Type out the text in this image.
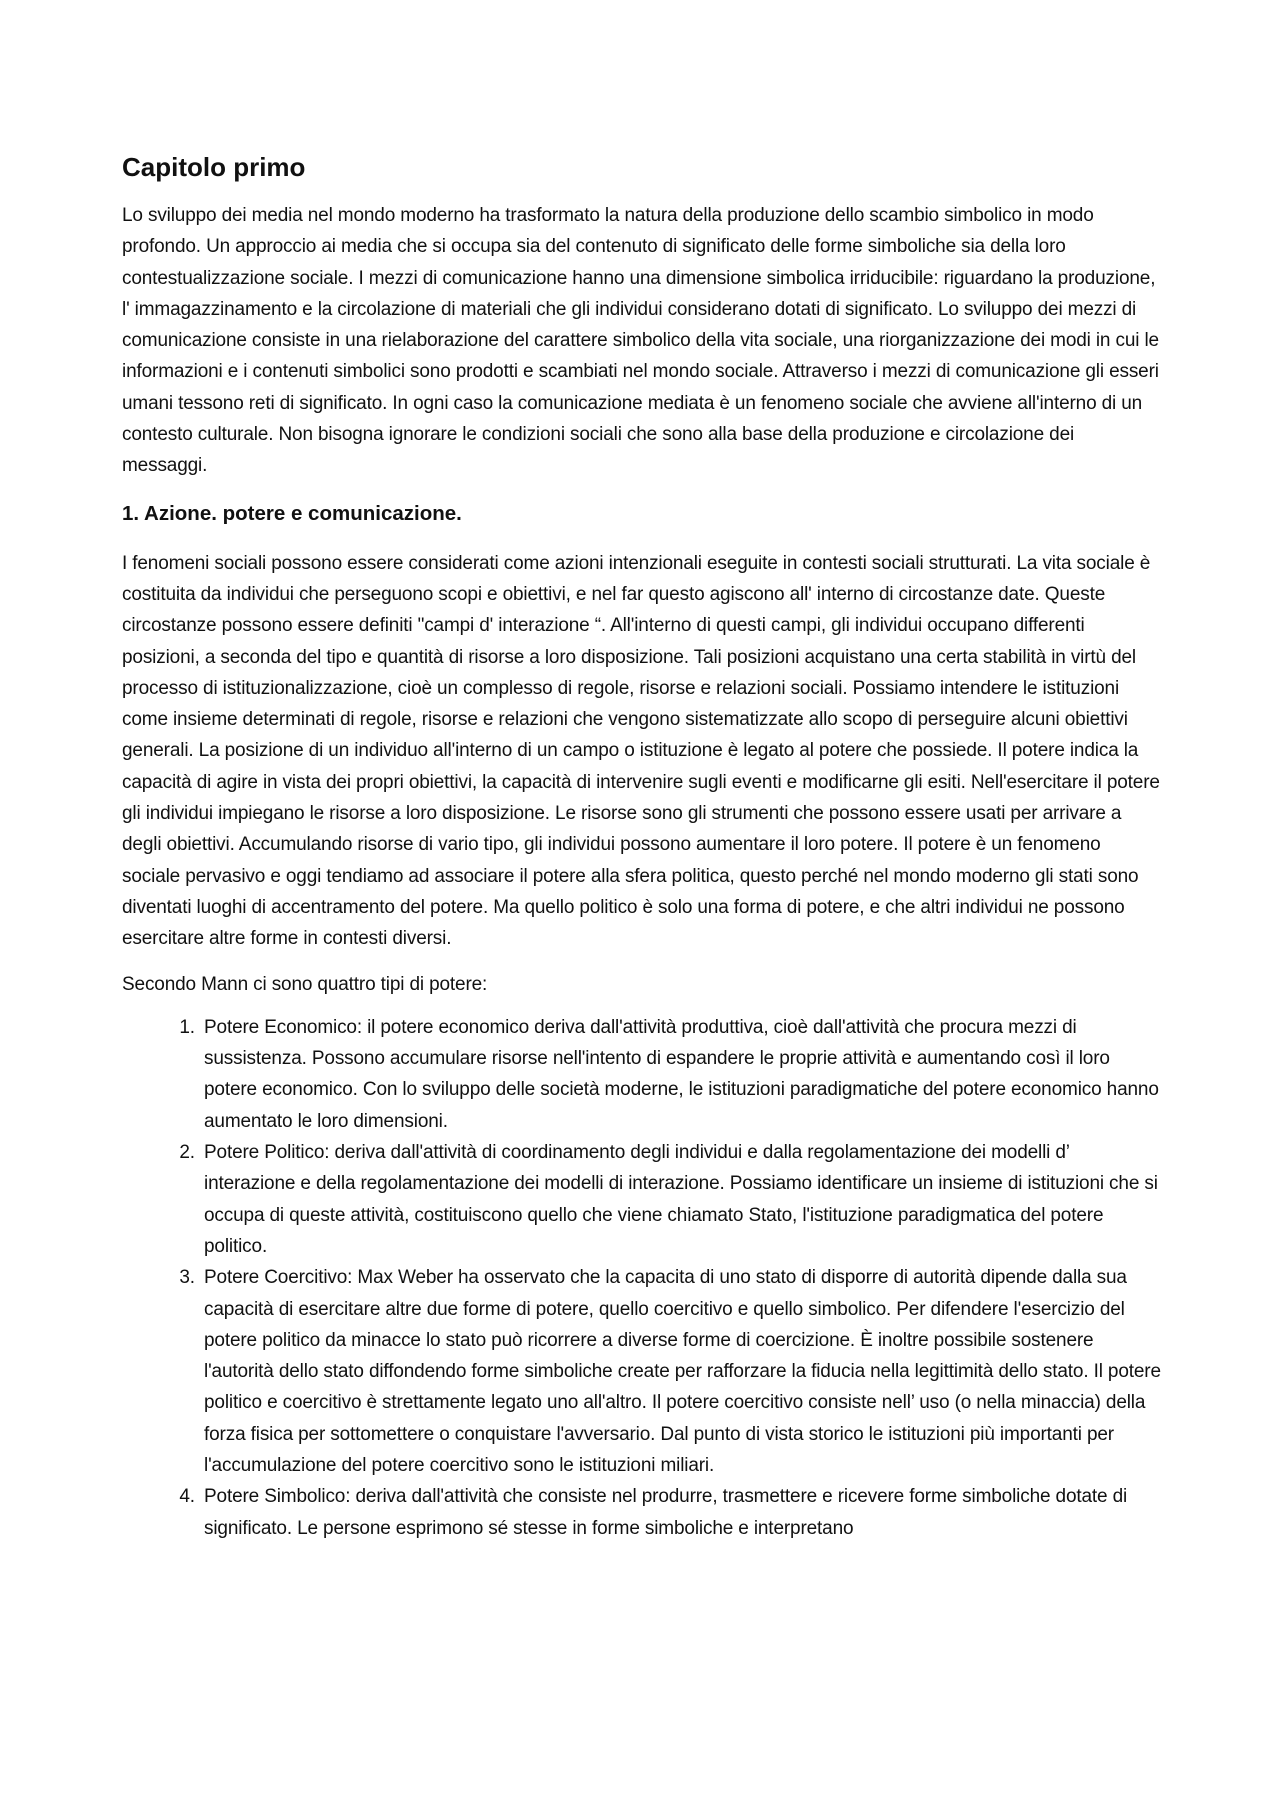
Capitolo primo

Lo sviluppo dei media nel mondo moderno ha trasformato la natura della produzione dello scambio simbolico in modo profondo. Un approccio ai media che si occupa sia del contenuto di significato delle forme simboliche sia della loro contestualizzazione sociale. I mezzi di comunicazione hanno una dimensione simbolica irriducibile: riguardano la produzione, l' immagazzinamento e la circolazione di materiali che gli individui considerano dotati di significato. Lo sviluppo dei mezzi di comunicazione consiste in una rielaborazione del carattere simbolico della vita sociale, una riorganizzazione dei modi in cui le informazioni e i contenuti simbolici sono prodotti e scambiati nel mondo sociale. Attraverso i mezzi di comunicazione gli esseri umani tessono reti di significato. In ogni caso la comunicazione mediata è un fenomeno sociale che avviene all'interno di un contesto culturale. Non bisogna ignorare le condizioni sociali che sono alla base della produzione e circolazione dei messaggi.

1. Azione. potere e comunicazione.

I fenomeni sociali possono essere considerati come azioni intenzionali eseguite in contesti sociali strutturati. La vita sociale è costituita da individui che perseguono scopi e obiettivi, e nel far questo agiscono all' interno di circostanze date. Queste circostanze possono essere definiti "campi d' interazione “. All'interno di questi campi, gli individui occupano differenti posizioni, a seconda del tipo e quantità di risorse a loro disposizione. Tali posizioni acquistano una certa stabilità in virtù del processo di istituzionalizzazione, cioè un complesso di regole, risorse e relazioni sociali. Possiamo intendere le istituzioni come insieme determinati di regole, risorse e relazioni che vengono sistematizzate allo scopo di perseguire alcuni obiettivi generali. La posizione di un individuo all'interno di un campo o istituzione è legato al potere che possiede. Il potere indica la capacità di agire in vista dei propri obiettivi, la capacità di intervenire sugli eventi e modificarne gli esiti. Nell'esercitare il potere gli individui impiegano le risorse a loro disposizione. Le risorse sono gli strumenti che possono essere usati per arrivare a degli obiettivi. Accumulando risorse di vario tipo, gli individui possono aumentare il loro potere. Il potere è un fenomeno sociale pervasivo e oggi tendiamo ad associare il potere alla sfera politica, questo perché nel mondo moderno gli stati sono diventati luoghi di accentramento del potere. Ma quello politico è solo una forma di potere, e che altri individui ne possono esercitare altre forme in contesti diversi.

Secondo Mann ci sono quattro tipi di potere:

1. Potere Economico: il potere economico deriva dall'attività produttiva, cioè dall'attività che procura mezzi di sussistenza. Possono accumulare risorse nell'intento di espandere le proprie attività e aumentando così il loro potere economico. Con lo sviluppo delle società moderne, le istituzioni paradigmatiche del potere economico hanno aumentato le loro dimensioni.
2. Potere Politico: deriva dall'attività di coordinamento degli individui e dalla regolamentazione dei modelli d’ interazione e della regolamentazione dei modelli di interazione. Possiamo identificare un insieme di istituzioni che si occupa di queste attività, costituiscono quello che viene chiamato Stato, l'istituzione paradigmatica del potere politico.
3. Potere Coercitivo: Max Weber ha osservato che la capacita di uno stato di disporre di autorità dipende dalla sua capacità di esercitare altre due forme di potere, quello coercitivo e quello simbolico. Per difendere l'esercizio del potere politico da minacce lo stato può ricorrere a diverse forme di coercizione. È inoltre possibile sostenere l'autorità dello stato diffondendo forme simboliche create per rafforzare la fiducia nella legittimità dello stato. Il potere politico e coercitivo è strettamente legato uno all'altro. Il potere coercitivo consiste nell’ uso (o nella minaccia) della forza fisica per sottomettere o conquistare l'avversario. Dal punto di vista storico le istituzioni più importanti per l'accumulazione del potere coercitivo sono le istituzioni miliari.
4. Potere Simbolico: deriva dall'attività che consiste nel produrre, trasmettere e ricevere forme simboliche dotate di significato. Le persone esprimono sé stesse in forme simboliche e interpretano
